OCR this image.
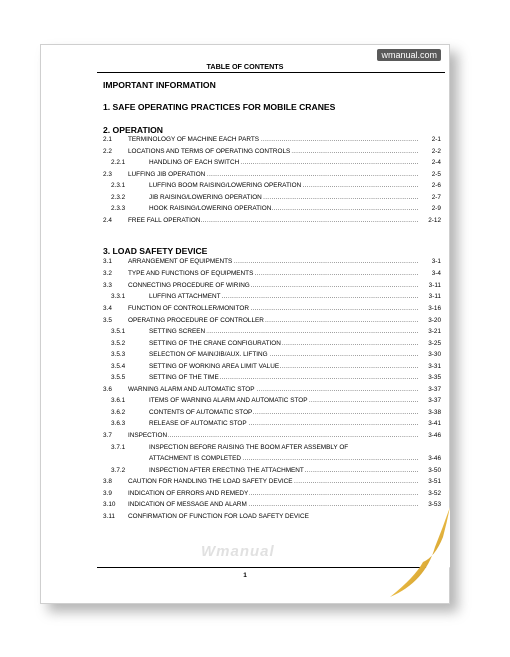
wmanual.com
TABLE OF CONTENTS
IMPORTANT INFORMATION
1. SAFE OPERATING PRACTICES FOR MOBILE CRANES
2. OPERATION
3. LOAD SAFETY DEVICE
2.1 .....	TERMINOLOGY OF MACHINE EACH PARTS	2-1
2.2 .....	LOCATIONS AND TERMS OF OPERATING CONTROLS	2-2
2.2.1 .....	HANDLING OF EACH SWITCH	2-4
2.3 .....	LUFFING JIB OPERATION	2-5
2.3.1 .....	LUFFING BOOM RAISING/LOWERING OPERATION	2-6
2.3.2 .....	JIB RAISING/LOWERING OPERATION	2-7
2.3.3 .....	HOOK RAISING/LOWERING OPERATION	2-9
2.4 .....	FREE FALL OPERATION	2-12
3.1 .....	ARRANGEMENT OF EQUIPMENTS	3-1
3.2 .....	TYPE AND FUNCTIONS OF EQUIPMENTS	3-4
3.3 .....	CONNECTING PROCEDURE OF WIRING	3-11
3.3.1 .....	LUFFING ATTACHMENT	3-11
3.4 .....	FUNCTION OF CONTROLLER/MONITOR	3-16
3.5 .....	OPERATING PROCEDURE OF CONTROLLER	3-20
3.5.1 .....	SETTING SCREEN	3-21
3.5.2 .....	SETTING OF THE CRANE CONFIGURATION	3-25
3.5.3 .....	SELECTION OF MAIN/JIB/AUX. LIFTING	3-30
3.5.4 .....	SETTING OF WORKING AREA LIMIT VALUE	3-31
3.5.5 .....	SETTING OF THE TIME	3-35
3.6 .....	WARNING ALARM AND AUTOMATIC STOP	3-37
3.6.1 .....	ITEMS OF WARNING ALARM AND AUTOMATIC STOP	3-37
3.6.2 .....	CONTENTS OF AUTOMATIC STOP	3-38
3.6.3 .....	RELEASE OF AUTOMATIC STOP	3-41
3.7 .....	INSPECTION	3-46
3.7.1	INSPECTION BEFORE RAISING THE BOOM AFTER ASSEMBLY OF
.....
ATTACHMENT IS COMPLETED	3-46
3.7.2 .....	INSPECTION AFTER ERECTING THE ATTACHMENT	3-50
3.8 .....	CAUTION FOR HANDLING THE LOAD SAFETY DEVICE	3-51
3.9 .....	INDICATION OF ERRORS AND REMEDY	3-52
3.10 ..... INDICATION OF MESSAGE AND ALARM	3-53
3.11 CONFIRMATION OF FUNCTION FOR LOAD SAFETY DEVICE
Wmanual
1
